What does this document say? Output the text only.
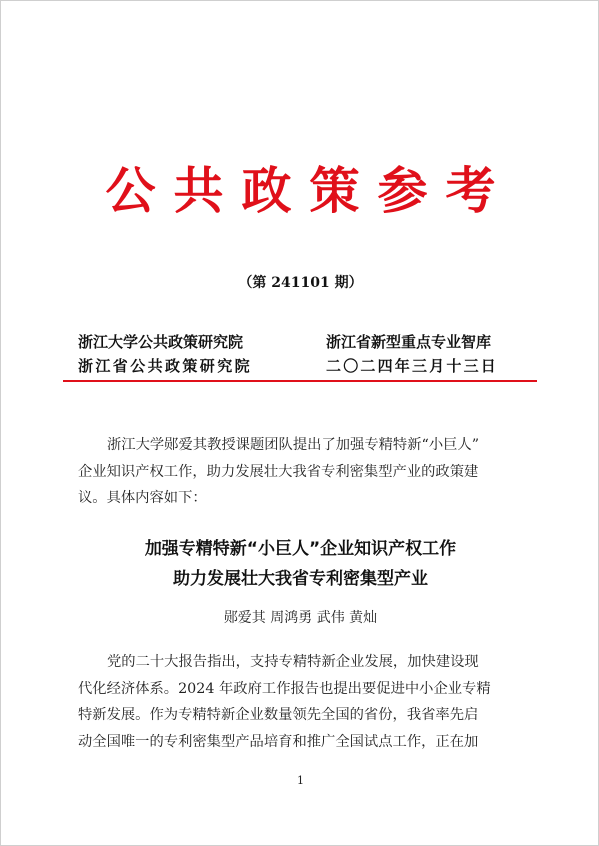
公共政策参考
（第 241101 期）
浙江大学公共政策研究院	浙江省新型重点专业智库
浙江省公共政策研究院	二〇二四年三月十三日
浙江大学郧爱其教授课题团队提出了加强专精特新“小巨人”
企业知识产权工作，助力发展壮大我省专利密集型产业的政策建
议。具体内容如下：
加强专精特新“小巨人”企业知识产权工作
助力发展壮大我省专利密集型产业
郧爱其 周鸿勇 武伟 黄灿
党的二十大报告指出，支持专精特新企业发展，加快建设现
代化经济体系。2024 年政府工作报告也提出要促进中小企业专精
特新发展。作为专精特新企业数量领先全国的省份，我省率先启
动全国唯一的专利密集型产品培育和推广全国试点工作，正在加
1
